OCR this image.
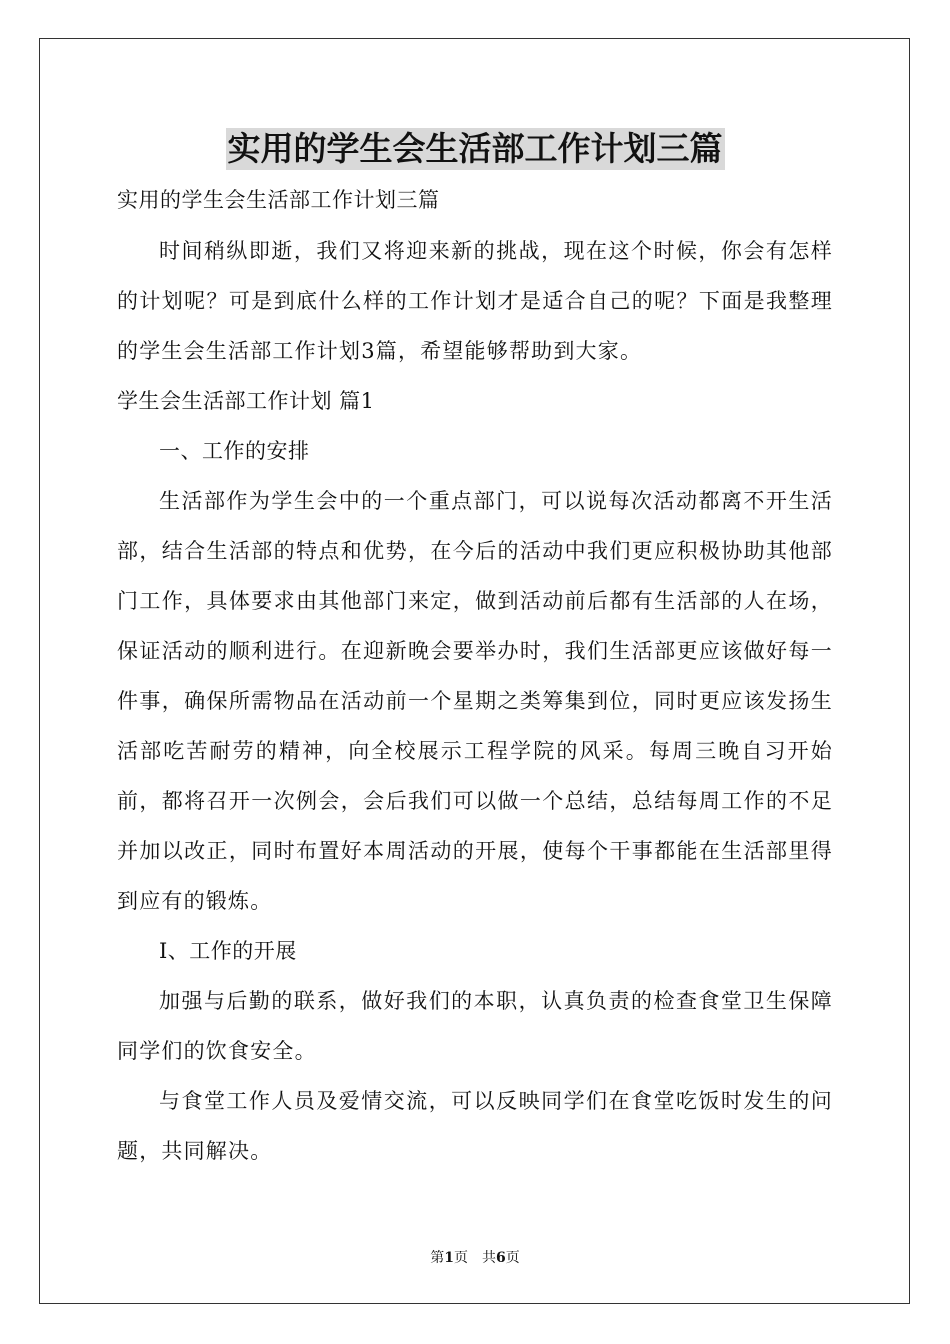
实用的学生会生活部工作计划三篇

实用的学生会生活部工作计划三篇

时间稍纵即逝，我们又将迎来新的挑战，现在这个时候，你会有怎样的计划呢？可是到底什么样的工作计划才是适合自己的呢？下面是我整理的学生会生活部工作计划3篇，希望能够帮助到大家。

学生会生活部工作计划 篇1

一、工作的安排

生活部作为学生会中的一个重点部门，可以说每次活动都离不开生活部，结合生活部的特点和优势，在今后的活动中我们更应积极协助其他部门工作，具体要求由其他部门来定，做到活动前后都有生活部的人在场，保证活动的顺利进行。在迎新晚会要举办时，我们生活部更应该做好每一件事，确保所需物品在活动前一个星期之类筹集到位，同时更应该发扬生活部吃苦耐劳的精神，向全校展示工程学院的风采。每周三晚自习开始前，都将召开一次例会，会后我们可以做一个总结，总结每周工作的不足并加以改正，同时布置好本周活动的开展，使每个干事都能在生活部里得到应有的锻炼。

I、工作的开展

加强与后勤的联系，做好我们的本职，认真负责的检查食堂卫生保障同学们的饮食安全。

与食堂工作人员及爱情交流，可以反映同学们在食堂吃饭时发生的问题，共同解决。

第1页　共6页
